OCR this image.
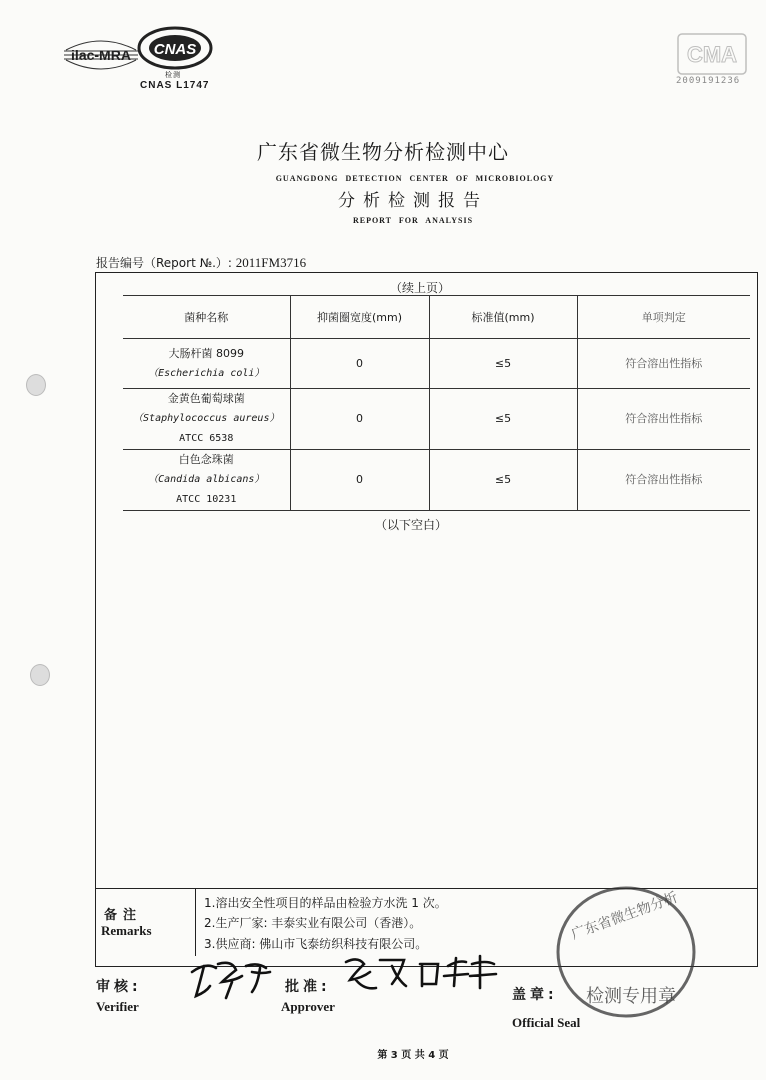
ilac-MRA CNAS
检测
CNAS L1747
CMA
2009191236
广东省微生物分析检测中心
GUANGDONG DETECTION CENTER OF MICROBIOLOGY
分析检测报告
REPORT FOR ANALYSIS
报告编号（Report №.）: 2011FM3716
（续上页）
菌种名称	抑菌圈宽度(mm)	标准值(mm)	单项判定

大肠杆菌 8099
（Escherichia coli）	0	≤5	符合溶出性指标

金黄色葡萄球菌
（Staphylococcus aureus）
ATCC 6538	0	≤5	符合溶出性指标

白色念珠菌
（Candida albicans）
ATCC 10231	0	≤5	符合溶出性指标
（以下空白）
备注
Remarks
1.溶出安全性项目的样品由检验方水洗 1 次。
2.生产厂家: 丰泰实业有限公司（香港）。
3.供应商: 佛山市飞泰纺织科技有限公司。
审核:
Verifier
批准:
Approver
盖章:
Official Seal
检测专用章
广东省微生物分析
第 3 页 共 4 页
